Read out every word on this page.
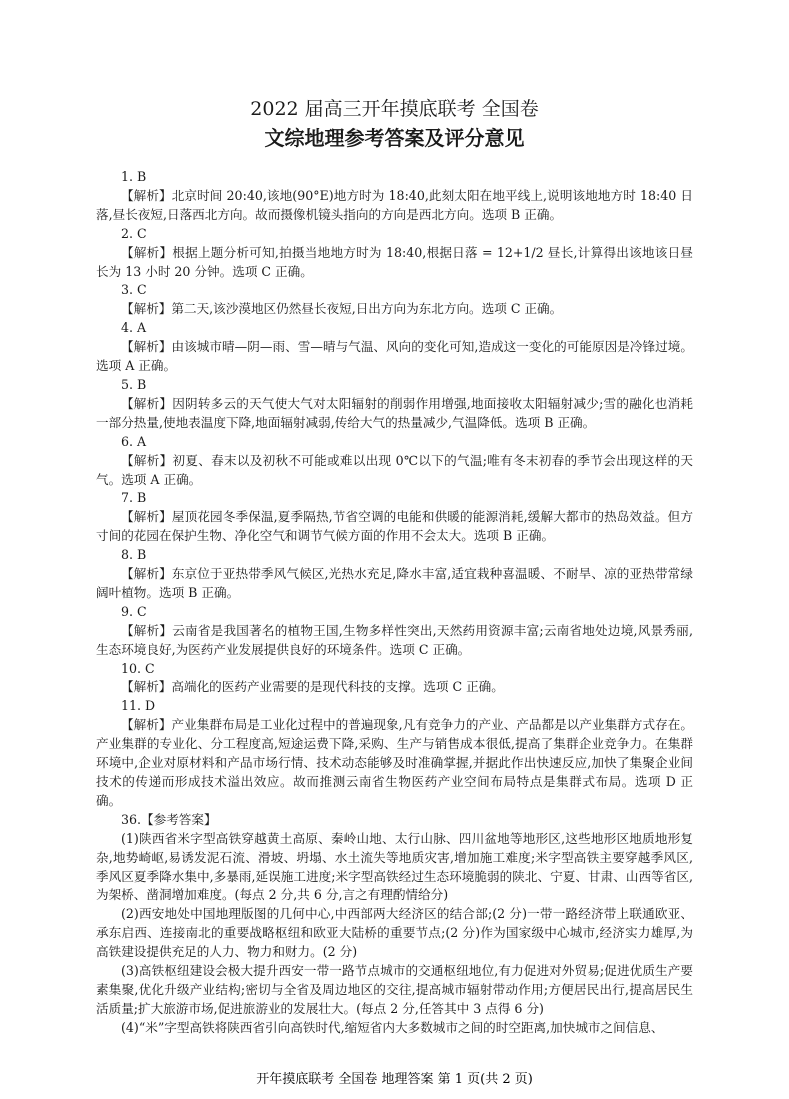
2022 届高三开年摸底联考 全国卷
文综地理参考答案及评分意见
1. B

【解析】北京时间 20:40,该地(90°E)地方时为 18:40,此刻太阳在地平线上,说明该地地方时 18:40 日落,昼长夜短,日落西北方向。故而摄像机镜头指向的方向是西北方向。选项 B 正确。

2. C

【解析】根据上题分析可知,拍摄当地地方时为 18:40,根据日落 = 12+1/2 昼长,计算得出该地该日昼长为 13 小时 20 分钟。选项 C 正确。

3. C

【解析】第二天,该沙漠地区仍然昼长夜短,日出方向为东北方向。选项 C 正确。

4. A

【解析】由该城市晴—阴—雨、雪—晴与气温、风向的变化可知,造成这一变化的可能原因是冷锋过境。选项 A 正确。

5. B

【解析】因阴转多云的天气使大气对太阳辐射的削弱作用增强,地面接收太阳辐射减少;雪的融化也消耗一部分热量,使地表温度下降,地面辐射减弱,传给大气的热量减少,气温降低。选项 B 正确。

6. A

【解析】初夏、春末以及初秋不可能或难以出现 0℃以下的气温;唯有冬末初春的季节会出现这样的天气。选项 A 正确。

7. B

【解析】屋顶花园冬季保温,夏季隔热,节省空调的电能和供暖的能源消耗,缓解大都市的热岛效益。但方寸间的花园在保护生物、净化空气和调节气候方面的作用不会太大。选项 B 正确。

8. B

【解析】东京位于亚热带季风气候区,光热水充足,降水丰富,适宜栽种喜温暖、不耐旱、凉的亚热带常绿阔叶植物。选项 B 正确。

9. C

【解析】云南省是我国著名的植物王国,生物多样性突出,天然药用资源丰富;云南省地处边境,风景秀丽,生态环境良好,为医药产业发展提供良好的环境条件。选项 C 正确。

10. C

【解析】高端化的医药产业需要的是现代科技的支撑。选项 C 正确。

11. D

【解析】产业集群布局是工业化过程中的普遍现象,凡有竞争力的产业、产品都是以产业集群方式存在。产业集群的专业化、分工程度高,短途运费下降,采购、生产与销售成本很低,提高了集群企业竞争力。在集群环境中,企业对原材料和产品市场行情、技术动态能够及时准确掌握,并据此作出快速反应,加快了集聚企业间技术的传递而形成技术溢出效应。故而推测云南省生物医药产业空间布局特点是集群式布局。选项 D 正确。

36.【参考答案】

(1)陕西省米字型高铁穿越黄土高原、秦岭山地、太行山脉、四川盆地等地形区,这些地形区地质地形复杂,地势崎岖,易诱发泥石流、滑坡、坍塌、水土流失等地质灾害,增加施工难度;米字型高铁主要穿越季风区,季风区夏季降水集中,多暴雨,延误施工进度;米字型高铁经过生态环境脆弱的陕北、宁夏、甘肃、山西等省区,为架桥、凿洞增加难度。(每点 2 分,共 6 分,言之有理酌情给分)

(2)西安地处中国地理版图的几何中心,中西部两大经济区的结合部;(2 分)一带一路经济带上联通欧亚、承东启西、连接南北的重要战略枢纽和欧亚大陆桥的重要节点;(2 分)作为国家级中心城市,经济实力雄厚,为高铁建设提供充足的人力、物力和财力。(2 分)

(3)高铁枢纽建设会极大提升西安一带一路节点城市的交通枢纽地位,有力促进对外贸易;促进优质生产要素集聚,优化升级产业结构;密切与全省及周边地区的交往,提高城市辐射带动作用;方便居民出行,提高居民生活质量;扩大旅游市场,促进旅游业的发展壮大。(每点 2 分,任答其中 3 点得 6 分)

(4)“米”字型高铁将陕西省引向高铁时代,缩短省内大多数城市之间的时空距离,加快城市之间信息、

开年摸底联考 全国卷 地理答案 第 1 页(共 2 页)
